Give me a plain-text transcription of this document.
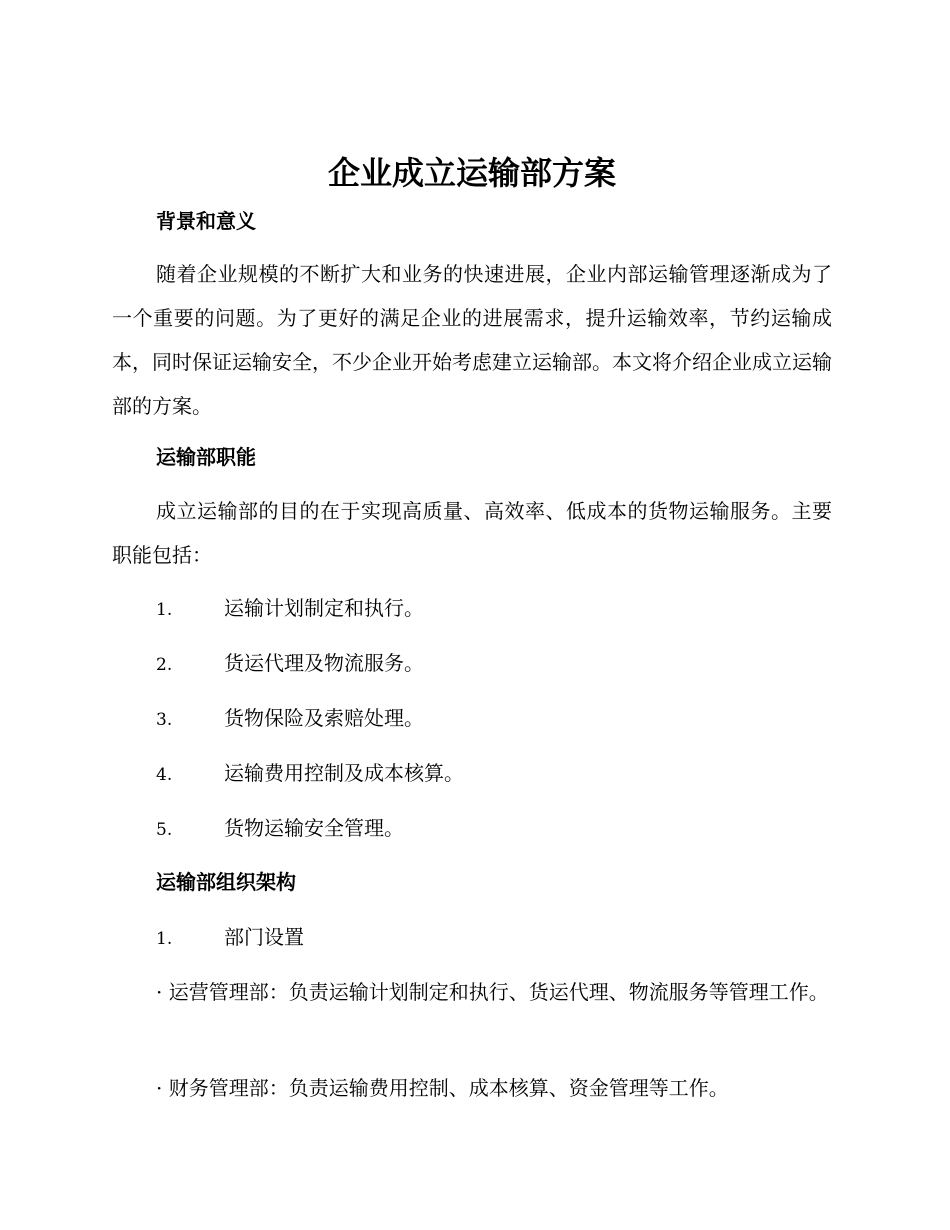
企业成立运输部方案
背景和意义

随着企业规模的不断扩大和业务的快速进展，企业内部运输管理逐渐成为了一个重要的问题。为了更好的满足企业的进展需求，提升运输效率，节约运输成本，同时保证运输安全，不少企业开始考虑建立运输部。本文将介绍企业成立运输部的方案。

运输部职能

成立运输部的目的在于实现高质量、高效率、低成本的货物运输服务。主要职能包括：

1.	运输计划制定和执行。

2.	货运代理及物流服务。

3.	货物保险及索赔处理。

4.	运输费用控制及成本核算。

5.	货物运输安全管理。

运输部组织架构

1.	部门设置

· 运营管理部：负责运输计划制定和执行、货运代理、物流服务等管理工作。

· 财务管理部：负责运输费用控制、成本核算、资金管理等工作。
